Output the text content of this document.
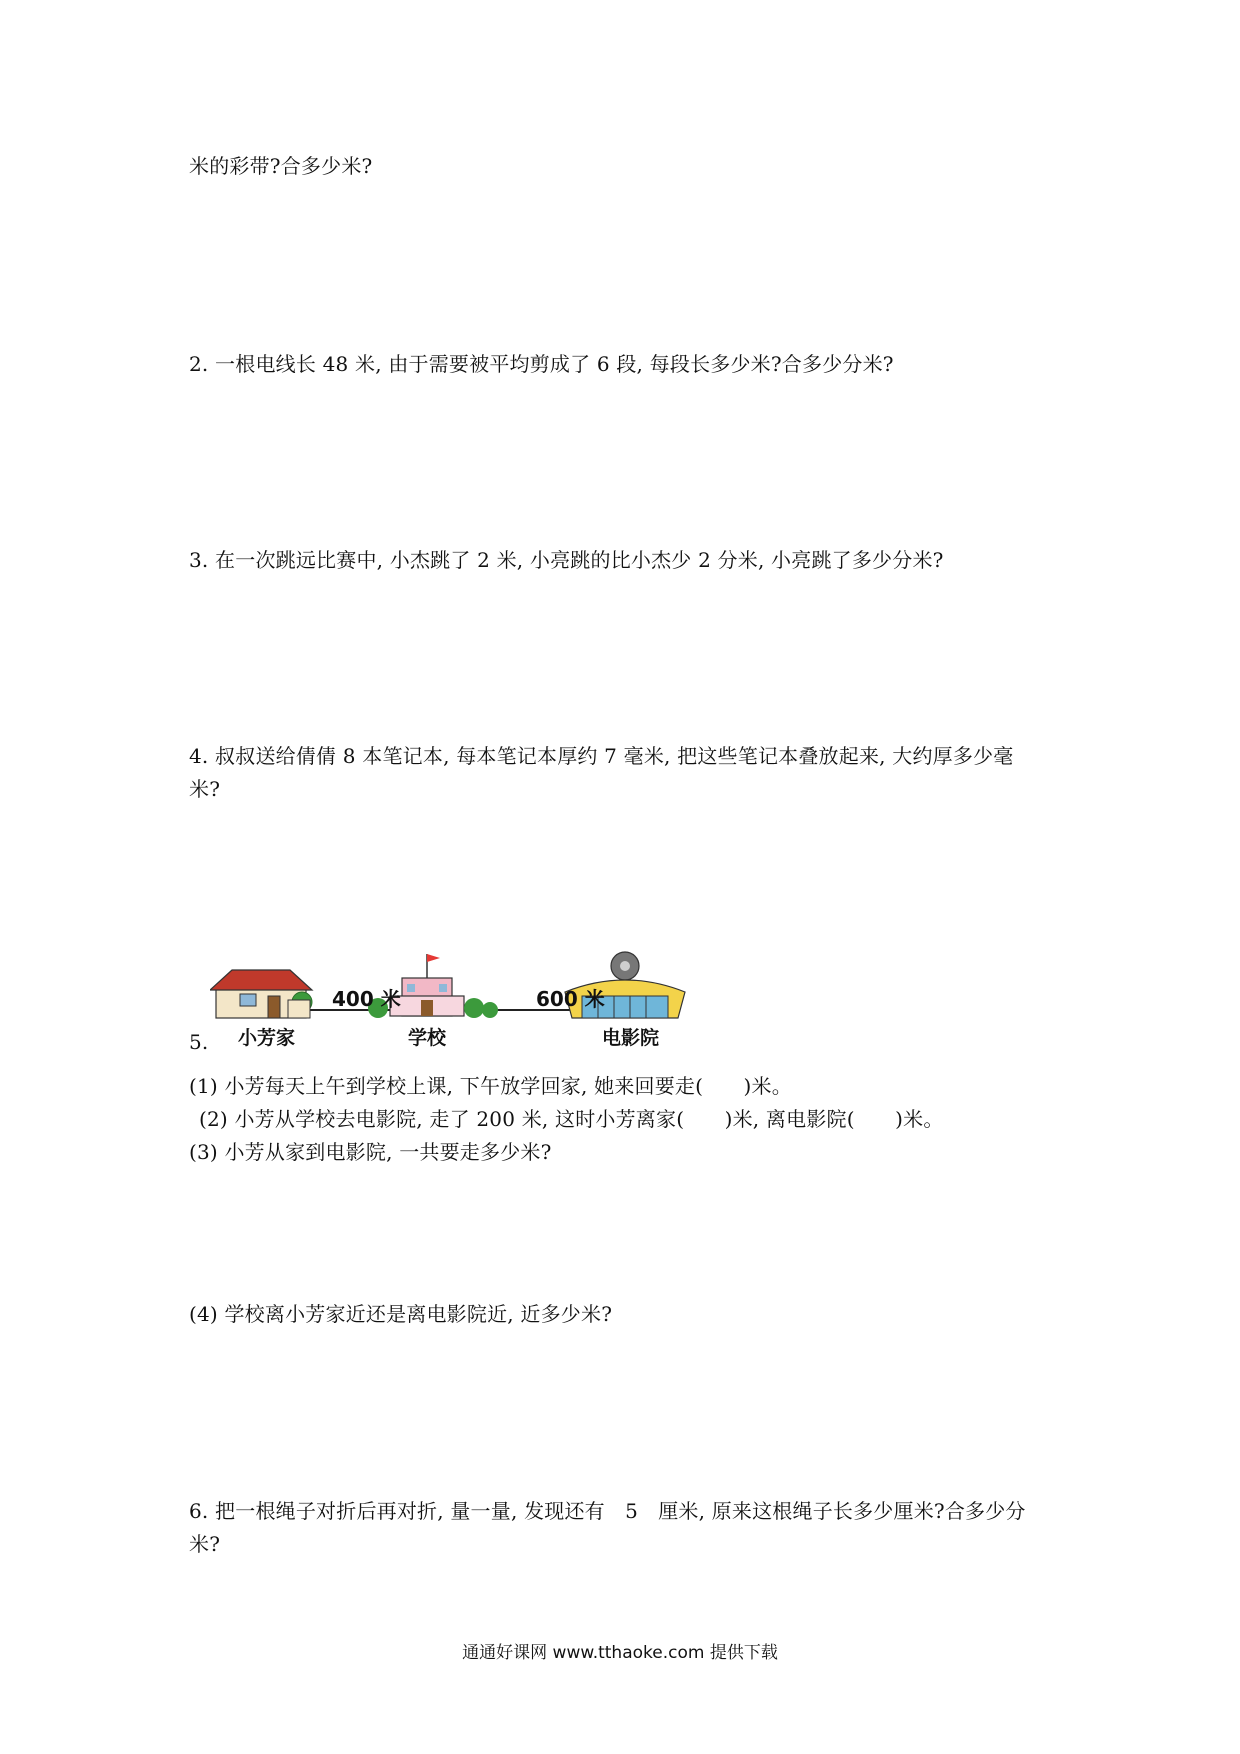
米的彩带?合多少米?

2. 一根电线长 48 米, 由于需要被平均剪成了 6 段, 每段长多少米?合多少分米?

3. 在一次跳远比赛中, 小杰跳了 2 米, 小亮跳的比小杰少 2 分米, 小亮跳了多少分米?

4. 叔叔送给倩倩 8 本笔记本, 每本笔记本厚约 7 毫米, 把这些笔记本叠放起来, 大约厚多少毫

米?

400 米	600 米
小芳家	学校	电影院

5.

(1) 小芳每天上午到学校上课, 下午放学回家, 她来回要走(　　)米。

(2) 小芳从学校去电影院, 走了 200 米, 这时小芳离家(　　)米, 离电影院(　　)米。

(3) 小芳从家到电影院, 一共要走多少米?

(4) 学校离小芳家近还是离电影院近, 近多少米?

6. 把一根绳子对折后再对折, 量一量, 发现还有　5　厘米, 原来这根绳子长多少厘米?合多少分

米?

通通好课网 www.tthaoke.com 提供下载
